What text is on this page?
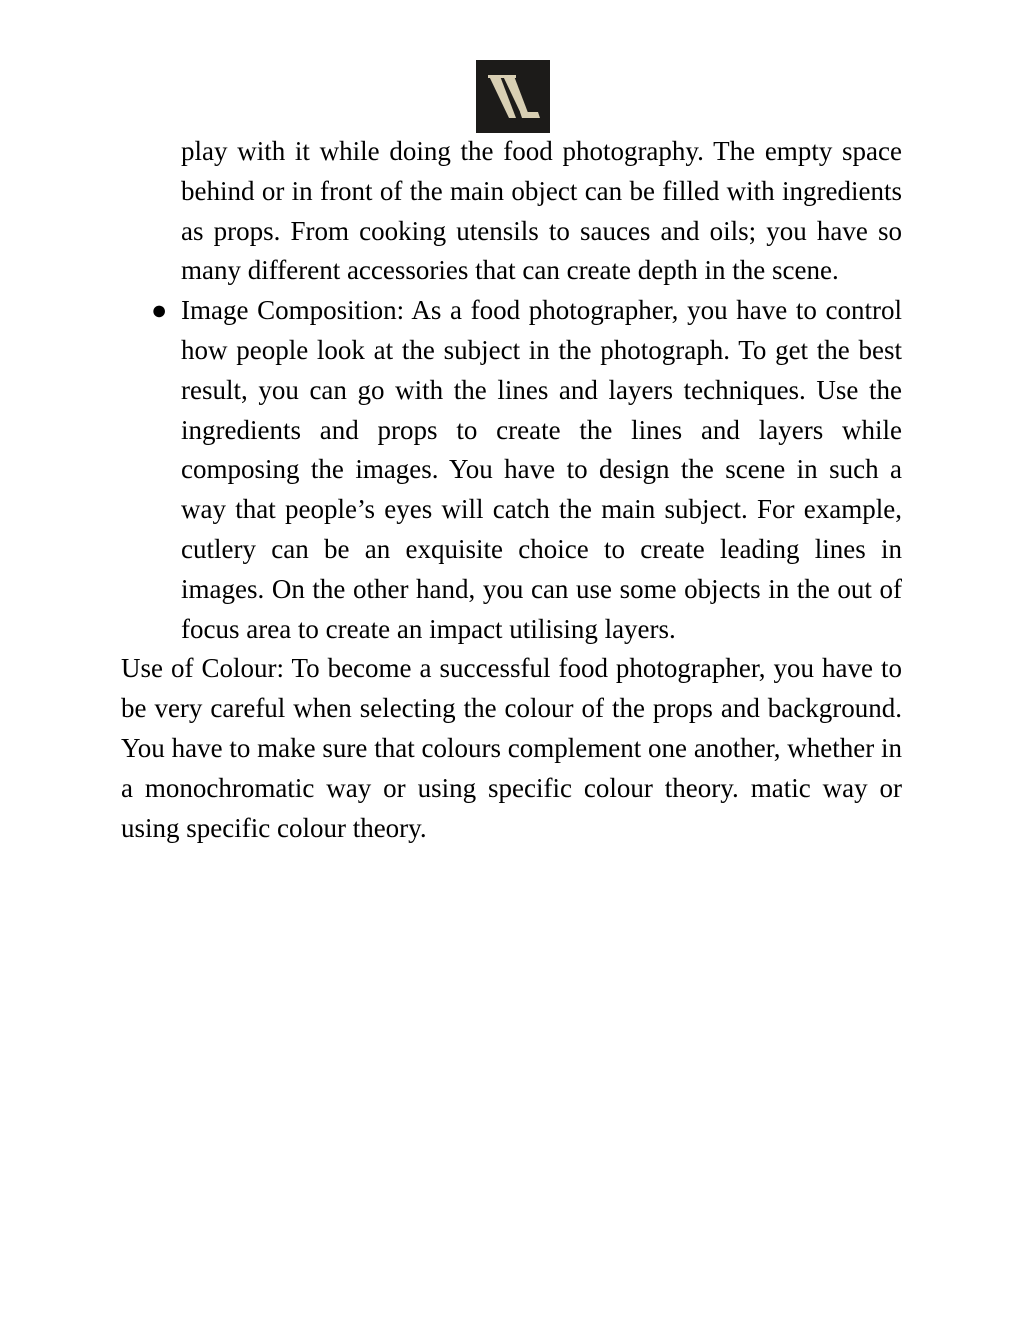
play with it while doing the food photography. The empty space behind or in front of the main object can be filled with ingredients as props. From cooking utensils to sauces and oils; you have so many different accessories that can create depth in the scene.
● Image Composition: As a food photographer, you have to control how people look at the subject in the photograph. To get the best result, you can go with the lines and layers techniques. Use the ingredients and props to create the lines and layers while composing the images. You have to design the scene in such a way that people’s eyes will catch the main subject. For example, cutlery can be an exquisite choice to create leading lines in images. On the other hand, you can use some objects in the out of focus area to create an impact utilising layers.
Use of Colour: To become a successful food photographer, you have to be very careful when selecting the colour of the props and background. You have to make sure that colours complement one another, whether in a monochromatic way or using specific colour theory. matic way or using specific colour theory.
